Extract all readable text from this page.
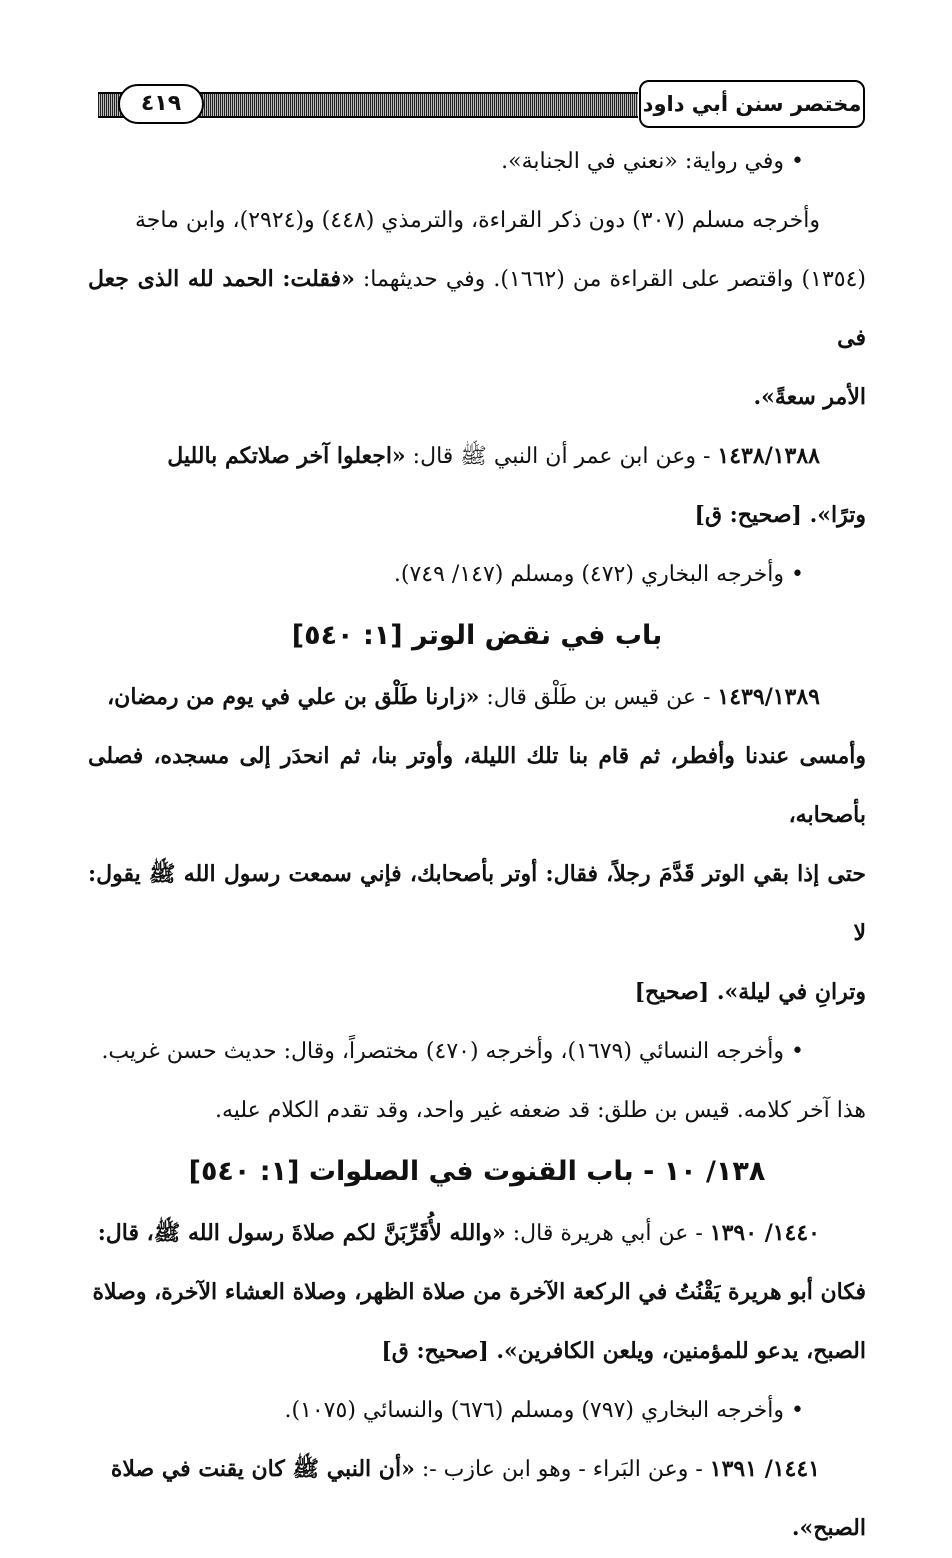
٤١٩	مختصر سنن أبي داود

• وفي رواية: «نعني في الجنابة».

وأخرجه مسلم (٣٠٧) دون ذكر القراءة، والترمذي (٤٤٨) و(٢٩٢٤)، وابن ماجة

(١٣٥٤) واقتصر على القراءة من (١٦٦٢). وفي حديثهما: «فقلت: الحمد لله الذى جعل فى

الأمر سعةً».

١٤٣٨/١٣٨٨ - وعن ابن عمر أن النبي ﷺ قال: «اجعلوا آخر صلاتكم بالليل

وترًا». [صحيح: ق]

• وأخرجه البخاري (٤٧٢) ومسلم (١٤٧/ ٧٤٩).

باب في نقض الوتر [١: ٥٤٠]

١٤٣٩/١٣٨٩ - عن قيس بن طَلْق قال: «زارنا طَلْق بن علي في يوم من رمضان،

وأمسى عندنا وأفطر، ثم قام بنا تلك الليلة، وأوتر بنا، ثم انحدَر إلى مسجده، فصلى بأصحابه،

حتى إذا بقي الوتر قَدَّمَ رجلاً، فقال: أوتر بأصحابك، فإني سمعت رسول الله ﷺ يقول: لا

وترانِ في ليلة». [صحيح]

• وأخرجه النسائي (١٦٧٩)، وأخرجه (٤٧٠) مختصراً، وقال: حديث حسن غريب.

هذا آخر كلامه. قيس بن طلق: قد ضعفه غير واحد، وقد تقدم الكلام عليه.

١٣٨/ ١٠ - باب القنوت في الصلوات [١: ٥٤٠]

١٤٤٠/ ١٣٩٠ - عن أبي هريرة قال: «والله لأُقَرِّبَنَّ لكم صلاةَ رسول الله ﷺ، قال:

فكان أبو هريرة يَقْنُتُ في الركعة الآخرة من صلاة الظهر، وصلاة العشاء الآخرة، وصلاة

الصبح، يدعو للمؤمنين، ويلعن الكافرين». [صحيح: ق]

• وأخرجه البخاري (٧٩٧) ومسلم (٦٧٦) والنسائي (١٠٧٥).

١٤٤١/ ١٣٩١ - وعن البَراء - وهو ابن عازب -: «أن النبي ﷺ كان يقنت في صلاة

الصبح».
